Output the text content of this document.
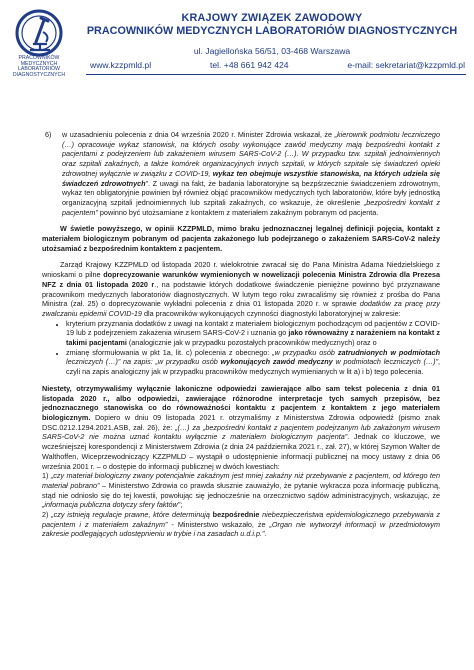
PRACOWNIKÓW
MEDYCZNYCH
LABORATORIÓW
DIAGNOSTYCZNYCH
KRAJOWY ZWIĄZEK ZAWODOWY
PRACOWNIKÓW MEDYCZNYCH LABORATORIÓW DIAGNOSTYCZNYCH
ul. Jagiellońska 56/51, 03-468 Warszawa
www.kzzpmld.pl	tel. +48 661 942 424	e-mail: sekretariat@kzzpmld.pl

6) w uzasadnieniu polecenia z dnia 04 września 2020 r. Minister Zdrowia wskazał, że „kierownik podmiotu leczniczego (…) opracowuje wykaz stanowisk, na których osoby wykonujące zawód medyczny mają bezpośredni kontakt z pacjentami z podejrzeniem lub zakażeniem wirusem SARS-CoV-2 (…). W przypadku tzw. szpitali jednoimiennych oraz szpitali zakaźnych, a także komórek organizacyjnych innych szpitali, w których szpitale się świadczeń opieki zdrowotnej wyłącznie w związku z COVID-19, wykaz ten obejmuje wszystkie stanowiska, na których udziela się świadczeń zdrowotnych”. Z uwagi na fakt, że badania laboratoryjne są bezpśrzecznie świadczeniem zdrowotnym, wykaz ten obligatoryjnie powinien był również objąć pracowników medycznych tych laboratoriów, które były jednostką organizacyjną szpitali jednoimiennych lub szpitali zakaźnych, co wskazuje, że określenie „bezpośredni kontakt z pacjentem” powinno być utożsamiane z kontaktem z materiałem zakaźnym pobranym od pacjenta.

W świetle powyższego, w opinii KZZPMLD, mimo braku jednoznacznej legalnej definicji pojęcia, kontakt z materiałem biologicznym pobranym od pacjenta zakażonego lub podejrzanego o zakażeniem SARS-CoV-2 należy utożsamiać z bezpośrednim kontaktem z pacjentem.

Zarząd Krajowy KZZPMLD od listopada 2020 r. wielokrotnie zwracał się do Pana Ministra Adama Niedzielskiego z wnioskami o pilne doprecyzowanie warunków wymienionych w nowelizacji polecenia Ministra Zdrowia dla Prezesa NFZ z dnia 01 listopada 2020 r., na podstawie których dodatkowe świadczenie pieniężne powinno być przyznawane pracownikom medycznych laboratoriów diagnostycznych. W lutym tego roku zwracaliśmy się również z prośba do Pana Ministra (zał. 25) o doprecyzowanie wykładni polecenia z dnia 01 listopada 2020 r. w sprawie dodatków za pracę przy zwalczaniu epidemii COVID-19 dla pracowników wykonujących czynności diagnostyki laboratoryjnej w zakresie:

• kryterium przyznania dodatków z uwagi na kontakt z materiałem biologicznym pochodzącym od pacjentów z COVID-19 lub z podejrzeniem zakażenia wirusem SARS-CoV-2 i uznania go jako równoważny z narażeniem na kontakt z takimi pacjentami (analogicznie jak w przypadku pozostałych pracowników medycznych) oraz o
• zmianę sformułowania w pkt 1a, lit. c) polecenia z obecnego: „w przypadku osób zatrudnionych w podmiotach leczniczych (…)” na zapis: „w przypadku osób wykonujących zawód medyczny w podmiotach leczniczych (…)”, czyli na zapis analogiczny jak w przypadku pracowników medycznych wymienianych w lit a) i b) tego polecenia.

Niestety, otrzymywaliśmy wyłącznie lakoniczne odpowiedzi zawierające albo sam tekst polecenia z dnia 01 listopada 2020 r., albo odpowiedzi, zawierające różnorodne interpretacje tych samych przepisów, bez jednoznacznego stanowiska co do równoważności kontaktu z pacjentem z kontaktem z jego materiałem biologicznym. Dopiero w dniu 09 listopada 2021 r. otrzymaliśmy z Ministerstwa Zdrowia odpowiedź (pismo znak DSC.0212.1294.2021.ASB, zał. 26), że: „(…) za „bezpośredni kontakt z pacjentem podejrzanym lub zakażonym wirusem SARS-CoV-2 nie można uznać kontaktu wyłącznie z materiałem biologicznym pacjenta”. Jednak co kluczowe, we wcześniejszej korespondencji z Ministerstwem Zdrowia (z dnia 24 października 2021 r., zał. 27), w której Szymon Walter de Walthoffen, Wiceprzewodniczący KZZPMLD – wystąpił o udostępnienie informacji publicznej na mocy ustawy z dnia 06 września 2001 r. – o dostępie do informacji publicznej w dwóch kwestiach:

1) „czy materiał biologiczny zwany potencjalnie zakaźnym jest mniej zakaźny niż przebywanie z pacjentem, od którego ten materiał pobrano” – Ministerstwo Zdrowia co prawda słusznie zauważyło, że pytanie wykracza poza informację publiczną, stąd nie odniosło się do tej kwestii, powołując się jednocześnie na orzecznictwo sądów administracyjnych, wskazując, że „informacja publiczna dotyczy sfery faktów”;

2) „czy istnieją regulacje prawne, które determinują bezpośrednie niebezpieczeństwa epidemiologicznego przebywania z pacjentem i z materiałem zakaźnym” - Ministerstwo wskazało, że „Organ nie wytworzył informacji w przedmiotowym zakresie podlegających udostępnieniu w trybie i na zasadach u.d.i.p.”.
